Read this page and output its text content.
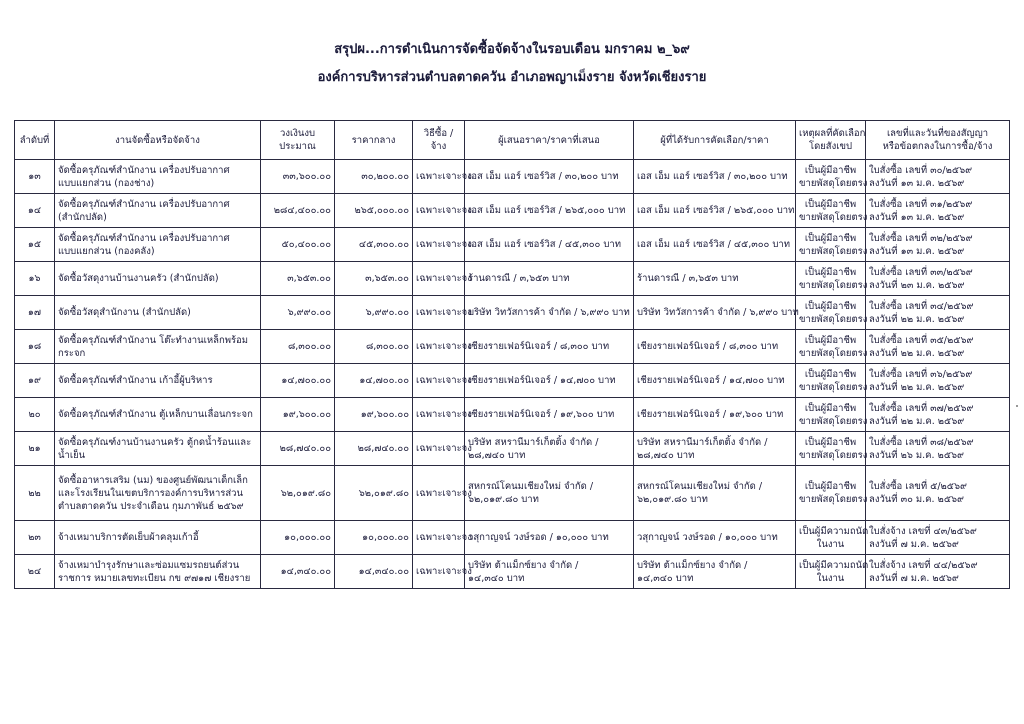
สรุปผ...การดำเนินการจัดซื้อจัดจ้างในรอบเดือน มกราคม ๒_๖๙
องค์การบริหารส่วนตำบลตาดควัน อำเภอพญาเม็งราย จังหวัดเชียงราย
ลำดับที่	งานจัดซื้อหรือจัดจ้าง	วงเงินงบประมาณ	ราคากลาง	วิธีซื้อ / จ้าง	ผู้เสนอราคา/ราคาที่เสนอ	ผู้ที่ได้รับการคัดเลือก/ราคา	เหตุผลที่คัดเลือก
โดยสังเขป	เลขที่และวันที่ของสัญญา
หรือข้อตกลงในการซื้อ/จ้าง

๑๓	จัดซื้อครุภัณฑ์สำนักงาน เครื่องปรับอากาศ
แบบแยกส่วน (กองช่าง)	๓๓,๖๐๐.๐๐	๓๐,๒๐๐.๐๐	เฉพาะเจาะจง	เอส เอ็ม แอร์ เซอร์วิส / ๓๐,๒๐๐ บาท	เอส เอ็ม แอร์ เซอร์วิส / ๓๐,๒๐๐ บาท	เป็นผู้มีอาชีพ
ขายพัสดุโดยตรง	ใบสั่งซื้อ เลขที่ ๓๐/๒๕๖๙
ลงวันที่ ๑๓ ม.ค. ๒๕๖๙

๑๔	จัดซื้อครุภัณฑ์สำนักงาน เครื่องปรับอากาศ
(สำนักปลัด)	๒๘๔,๔๐๐.๐๐	๒๖๕,๐๐๐.๐๐	เฉพาะเจาะจง	เอส เอ็ม แอร์ เซอร์วิส / ๒๖๕,๐๐๐ บาท	เอส เอ็ม แอร์ เซอร์วิส / ๒๖๕,๐๐๐ บาท	เป็นผู้มีอาชีพ
ขายพัสดุโดยตรง	ใบสั่งซื้อ เลขที่ ๓๑/๒๕๖๙
ลงวันที่ ๑๓ ม.ค. ๒๕๖๙

๑๕	จัดซื้อครุภัณฑ์สำนักงาน เครื่องปรับอากาศ
แบบแยกส่วน (กองคลัง)	๕๐,๔๐๐.๐๐	๔๕,๓๐๐.๐๐	เฉพาะเจาะจง	เอส เอ็ม แอร์ เซอร์วิส / ๔๕,๓๐๐ บาท	เอส เอ็ม แอร์ เซอร์วิส / ๔๕,๓๐๐ บาท	เป็นผู้มีอาชีพ
ขายพัสดุโดยตรง	ใบสั่งซื้อ เลขที่ ๓๒/๒๕๖๙
ลงวันที่ ๑๓ ม.ค. ๒๕๖๙

๑๖	จัดซื้อวัสดุงานบ้านงานครัว (สำนักปลัด)	๓,๖๕๓.๐๐	๓,๖๕๓.๐๐	เฉพาะเจาะจง	ร้านดารณี / ๓,๖๕๓ บาท	ร้านดารณี / ๓,๖๕๓ บาท	เป็นผู้มีอาชีพ
ขายพัสดุโดยตรง	ใบสั่งซื้อ เลขที่ ๓๓/๒๕๖๙
ลงวันที่ ๒๓ ม.ค. ๒๕๖๙

๑๗	จัดซื้อวัสดุสำนักงาน (สำนักปลัด)	๖,๙๙๐.๐๐	๖,๙๙๐.๐๐	เฉพาะเจาะจง	บริษัท วิทวัสการค้า จำกัด / ๖,๙๙๐ บาท	บริษัท วิทวัสการค้า จำกัด / ๖,๙๙๐ บาท	เป็นผู้มีอาชีพ
ขายพัสดุโดยตรง	ใบสั่งซื้อ เลขที่ ๓๔/๒๕๖๙
ลงวันที่ ๒๒ ม.ค. ๒๕๖๙

๑๘	จัดซื้อครุภัณฑ์สำนักงาน โต๊ะทำงานเหล็กพร้อม
กระจก	๘,๓๐๐.๐๐	๘,๓๐๐.๐๐	เฉพาะเจาะจง	เชียงรายเฟอร์นิเจอร์ / ๘,๓๐๐ บาท	เชียงรายเฟอร์นิเจอร์ / ๘,๓๐๐ บาท	เป็นผู้มีอาชีพ
ขายพัสดุโดยตรง	ใบสั่งซื้อ เลขที่ ๓๕/๒๕๖๙
ลงวันที่ ๒๒ ม.ค. ๒๕๖๙

๑๙	จัดซื้อครุภัณฑ์สำนักงาน เก้าอี้ผู้บริหาร	๑๔,๗๐๐.๐๐	๑๔,๗๐๐.๐๐	เฉพาะเจาะจง	เชียงรายเฟอร์นิเจอร์ / ๑๔,๗๐๐ บาท	เชียงรายเฟอร์นิเจอร์ / ๑๔,๗๐๐ บาท	เป็นผู้มีอาชีพ
ขายพัสดุโดยตรง	ใบสั่งซื้อ เลขที่ ๓๖/๒๕๖๙
ลงวันที่ ๒๒ ม.ค. ๒๕๖๙

๒๐	จัดซื้อครุภัณฑ์สำนักงาน ตู้เหล็กบานเลื่อนกระจก	๑๙,๖๐๐.๐๐	๑๙,๖๐๐.๐๐	เฉพาะเจาะจง	เชียงรายเฟอร์นิเจอร์ / ๑๙,๖๐๐ บาท	เชียงรายเฟอร์นิเจอร์ / ๑๙,๖๐๐ บาท	เป็นผู้มีอาชีพ
ขายพัสดุโดยตรง	ใบสั่งซื้อ เลขที่ ๓๗/๒๕๖๙
ลงวันที่ ๒๒ ม.ค. ๒๕๖๙

๒๑	จัดซื้อครุภัณฑ์งานบ้านงานครัว ตู้กดน้ำร้อนและ
น้ำเย็น	๒๘,๗๔๐.๐๐	๒๘,๗๔๐.๐๐	เฉพาะเจาะจง	บริษัท สหรานีมาร์เก็ตติ้ง จำกัด /
๒๘,๗๔๐ บาท	บริษัท สหรานีมาร์เก็ตติ้ง จำกัด /
๒๘,๗๔๐ บาท	เป็นผู้มีอาชีพ
ขายพัสดุโดยตรง	ใบสั่งซื้อ เลขที่ ๓๘/๒๕๖๙
ลงวันที่ ๒๖ ม.ค. ๒๕๖๙

๒๒	จัดซื้ออาหารเสริม (นม) ของศูนย์พัฒนาเด็กเล็ก
และโรงเรียนในเขตบริการองค์การบริหารส่วน
ตำบลตาดควัน ประจำเดือน กุมภาพันธ์ ๒๕๖๙	๖๒,๐๑๙.๘๐	๖๒,๐๑๙.๘๐	เฉพาะเจาะจง	สหกรณ์โคนมเชียงใหม่ จำกัด /
๖๒,๐๑๙.๘๐ บาท	สหกรณ์โคนมเชียงใหม่ จำกัด /
๖๒,๐๑๙.๘๐ บาท	เป็นผู้มีอาชีพ
ขายพัสดุโดยตรง	ใบสั่งซื้อ เลขที่ ๕/๒๕๖๙
ลงวันที่ ๓๐ ม.ค. ๒๕๖๙

๒๓	จ้างเหมาบริการตัดเย็บผ้าคลุมเก้าอี้	๑๐,๐๐๐.๐๐	๑๐,๐๐๐.๐๐	เฉพาะเจาะจง	วสุกาญจน์ วงษ์รอด / ๑๐,๐๐๐ บาท	วสุกาญจน์ วงษ์รอด / ๑๐,๐๐๐ บาท	เป็นผู้มีความถนัด
ในงาน	ใบสั่งจ้าง เลขที่ ๔๓/๒๕๖๙
ลงวันที่ ๗ ม.ค. ๒๕๖๙

๒๔	จ้างเหมาบำรุงรักษาและซ่อมแซมรถยนต์ส่วน
ราชการ หมายเลขทะเบียน กข ๙๗๑๗ เชียงราย	๑๔,๓๔๐.๐๐	๑๔,๓๔๐.๐๐	เฉพาะเจาะจง	บริษัท ต้าแม็กซ์ยาง จำกัด /
๑๔,๓๔๐ บาท	บริษัท ต้าแม็กซ์ยาง จำกัด /
๑๔,๓๔๐ บาท	เป็นผู้มีความถนัด
ในงาน	ใบสั่งจ้าง เลขที่ ๔๔/๒๕๖๙
ลงวันที่ ๗ ม.ค. ๒๕๖๙
